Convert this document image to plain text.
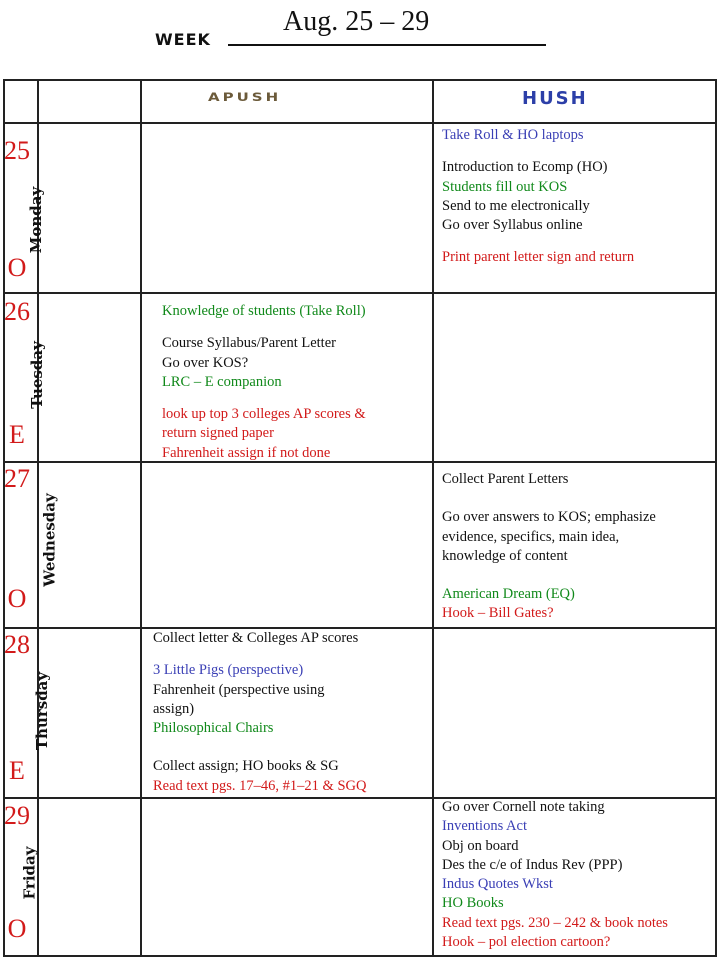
WEEK
Aug. 25 – 29
APUSH	HUSH
25
Monday
O
26
Tuesday
E
27
Wednesday
O
28
Thursday
E
29
Friday
O
Take Roll & HO laptops
Introduction to Ecomp (HO)
Students fill out KOS
Send to me electronically
Go over Syllabus online
Print parent letter sign and return
Knowledge of students (Take Roll)
Course Syllabus/Parent Letter
Go over KOS?
LRC – E companion
look up top 3 colleges AP scores &
return signed paper
Fahrenheit assign if not done
Collect Parent Letters
Go over answers to KOS; emphasize
evidence, specifics, main idea,
knowledge of content
American Dream (EQ)
Hook – Bill Gates?
Collect letter & Colleges AP scores
3 Little Pigs (perspective)
Fahrenheit (perspective using
assign)
Philosophical Chairs
Collect assign; HO books & SG
Read text pgs. 17–46, #1–21 & SGQ
Go over Cornell note taking
Inventions Act
Obj on board
Des the c/e of Indus Rev (PPP)
Indus Quotes Wkst
HO Books
Read text pgs. 230 – 242 & book notes
Hook – pol election cartoon?
